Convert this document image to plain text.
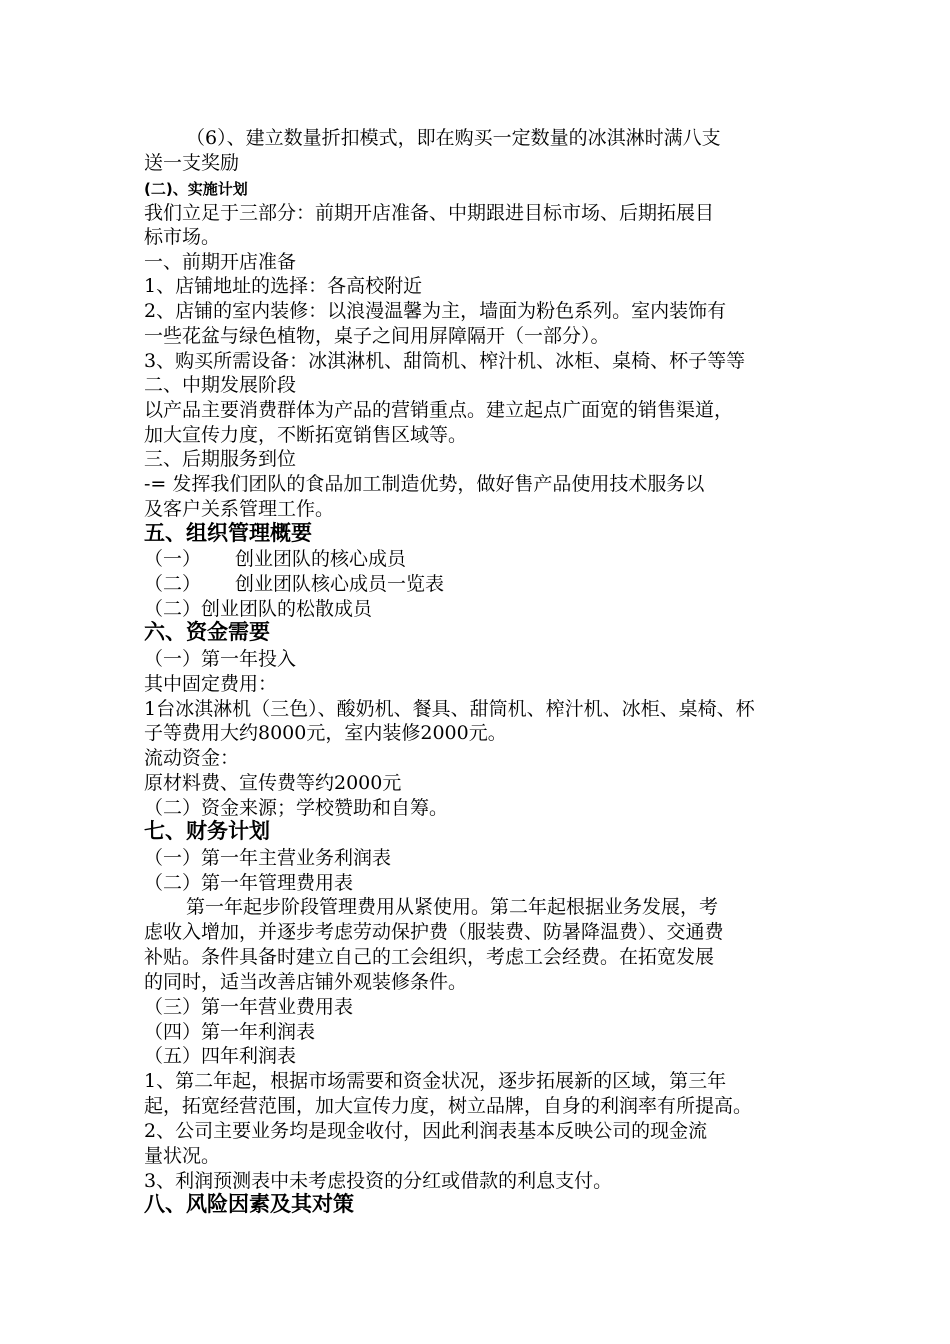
（6）、建立数量折扣模式，即在购买一定数量的冰淇淋时满八支
送一支奖励
(二)、实施计划
我们立足于三部分：前期开店准备、中期跟进目标市场、后期拓展目
标市场。
一、前期开店准备
1、店铺地址的选择：各高校附近
2、店铺的室内装修：以浪漫温馨为主，墙面为粉色系列。室内装饰有
一些花盆与绿色植物，桌子之间用屏障隔开（一部分）。
3、购买所需设备：冰淇淋机、甜筒机、榨汁机、冰柜、桌椅、杯子等等
二、中期发展阶段
以产品主要消费群体为产品的营销重点。建立起点广面宽的销售渠道，
加大宣传力度，不断拓宽销售区域等。
三、后期服务到位
-= 发挥我们团队的食品加工制造优势，做好售产品使用技术服务以
及客户关系管理工作。
五、组织管理概要
（一） 创业团队的核心成员
（二） 创业团队核心成员一览表
（二）创业团队的松散成员
六、资金需要
（一）第一年投入
其中固定费用：
1台冰淇淋机（三色）、酸奶机、餐具、甜筒机、榨汁机、冰柜、桌椅、杯
子等费用大约8000元，室内装修2000元。
流动资金：
原材料费、宣传费等约2000元
（二）资金来源；学校赞助和自筹。
七、财务计划
（一）第一年主营业务利润表
（二）第一年管理费用表
第一年起步阶段管理费用从紧使用。第二年起根据业务发展，考
虑收入增加，并逐步考虑劳动保护费（服装费、防暑降温费）、交通费
补贴。条件具备时建立自己的工会组织，考虑工会经费。在拓宽发展
的同时，适当改善店铺外观装修条件。
（三）第一年营业费用表
（四）第一年利润表
（五）四年利润表
1、第二年起，根据市场需要和资金状况，逐步拓展新的区域，第三年
起，拓宽经营范围，加大宣传力度，树立品牌，自身的利润率有所提高。
2、公司主要业务均是现金收付，因此利润表基本反映公司的现金流
量状况。
3、利润预测表中未考虑投资的分红或借款的利息支付。
八、风险因素及其对策
